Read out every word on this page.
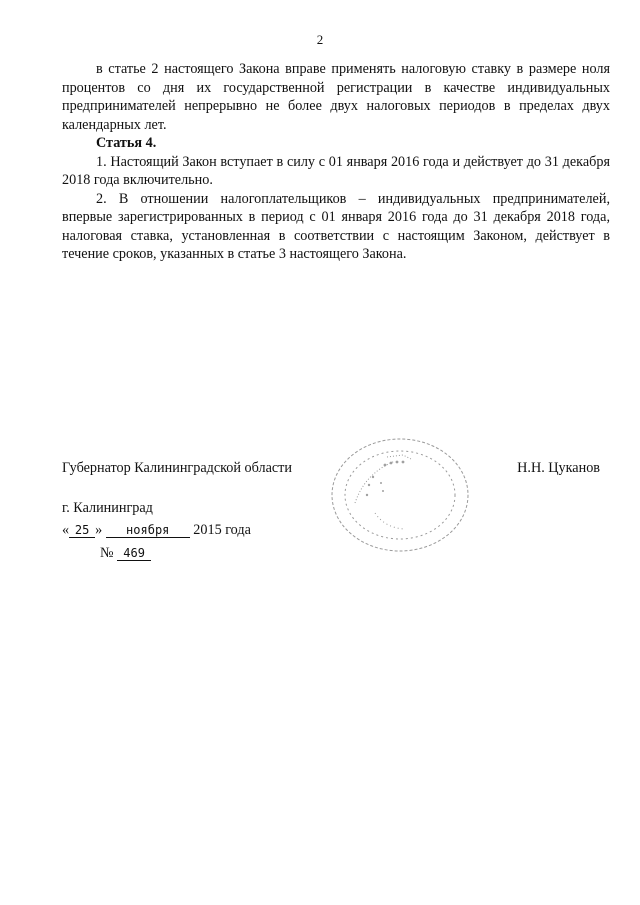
2

в статье 2 настоящего Закона вправе применять налоговую ставку в размере ноля процентов со дня их государственной регистрации в качестве индивидуальных предпринимателей непрерывно не более двух налоговых периодов в пределах двух календарных лет.

Статья 4.

1. Настоящий Закон вступает в силу с 01 января 2016 года и действует до 31 декабря 2018 года включительно.

2. В отношении налогоплательщиков – индивидуальных предпринимателей, впервые зарегистрированных в период с 01 января 2016 года до 31 декабря 2018 года, налоговая ставка, установленная в соответствии с настоящим Законом, действует в течение сроков, указанных в статье 3 настоящего Закона.

Губернатор Калининградской области	Н.Н. Цуканов
г. Калининград
« 25 » ноября 2015 года
№ 469
